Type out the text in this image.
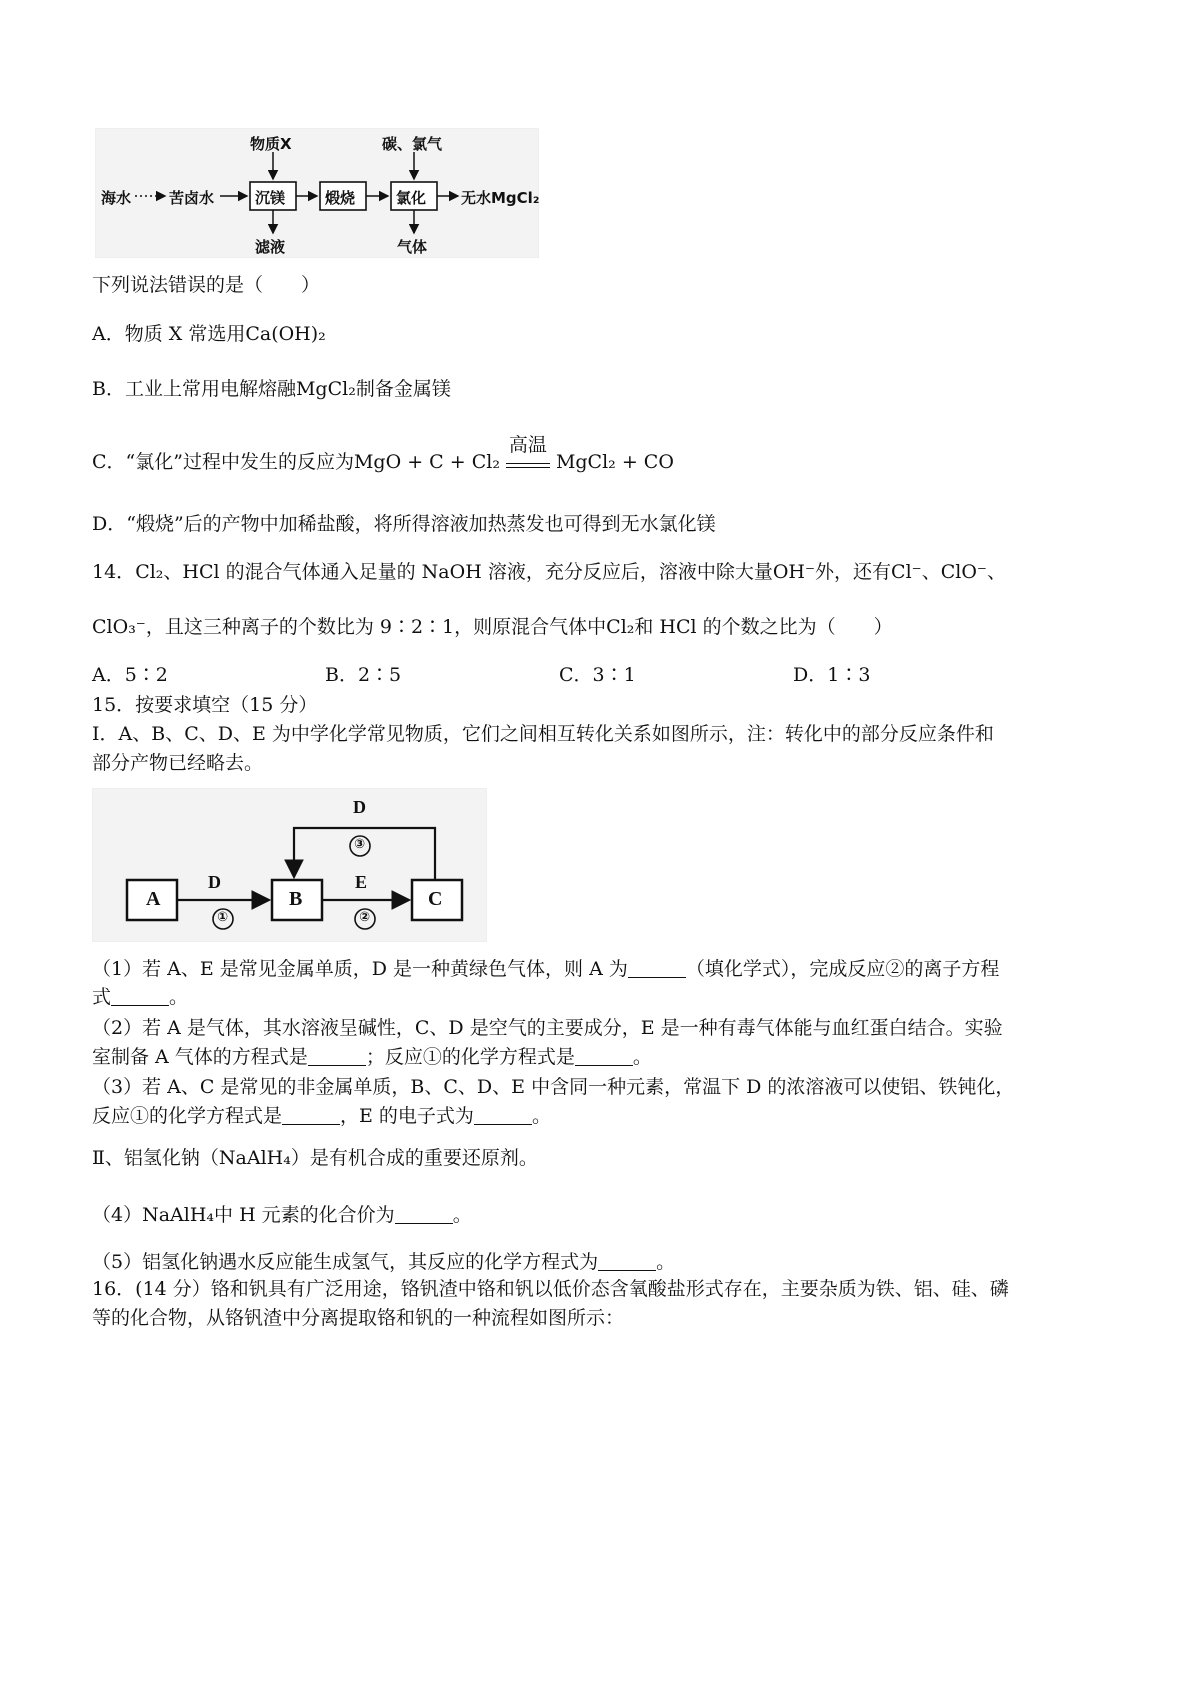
海水	苦卤水	沉镁	煅烧	氯化 无水MgCl₂
物质X	碳、氯气
滤液	气体
下列说法错误的是（　　）
A．物质 X 常选用Ca(OH)₂
B．工业上常用电解熔融MgCl₂制备金属镁
C．“氯化”过程中发生的反应为MgO + C + Cl₂
高温
MgCl₂ + CO
D．“煅烧”后的产物中加稀盐酸，将所得溶液加热蒸发也可得到无水氯化镁
14．Cl₂、HCl 的混合气体通入足量的 NaOH 溶液，充分反应后，溶液中除大量OH⁻外，还有Cl⁻、ClO⁻、
ClO₃⁻，且这三种离子的个数比为 9∶2∶1，则原混合气体中Cl₂和 HCl 的个数之比为（　　）
A．5∶2	B．2∶5	C．3∶1	D．1∶3
15．按要求填空（15 分）
Ⅰ．A、B、C、D、E 为中学化学常见物质，它们之间相互转化关系如图所示，注：转化中的部分反应条件和
部分产物已经略去。
A	B	C
D
D
①
E
②
③
（1）若 A、E 是常见金属单质，D 是一种黄绿色气体，则 A 为	（填化学式），完成反应②的离子方程
式	。
（2）若 A 是气体，其水溶液呈碱性，C、D 是空气的主要成分，E 是一种有毒气体能与血红蛋白结合。实验
室制备 A 气体的方程式是	；反应①的化学方程式是	。
（3）若 A、C 是常见的非金属单质，B、C、D、E 中含同一种元素，常温下 D 的浓溶液可以使铝、铁钝化，
反应①的化学方程式是	，E 的电子式为	。
Ⅱ、铝氢化钠（NaAlH₄）是有机合成的重要还原剂。
（4）NaAlH₄中 H 元素的化合价为	。
（5）铝氢化钠遇水反应能生成氢气，其反应的化学方程式为	。
16．(14 分）铬和钒具有广泛用途，铬钒渣中铬和钒以低价态含氧酸盐形式存在，主要杂质为铁、铝、硅、磷
等的化合物，从铬钒渣中分离提取铬和钒的一种流程如图所示：
